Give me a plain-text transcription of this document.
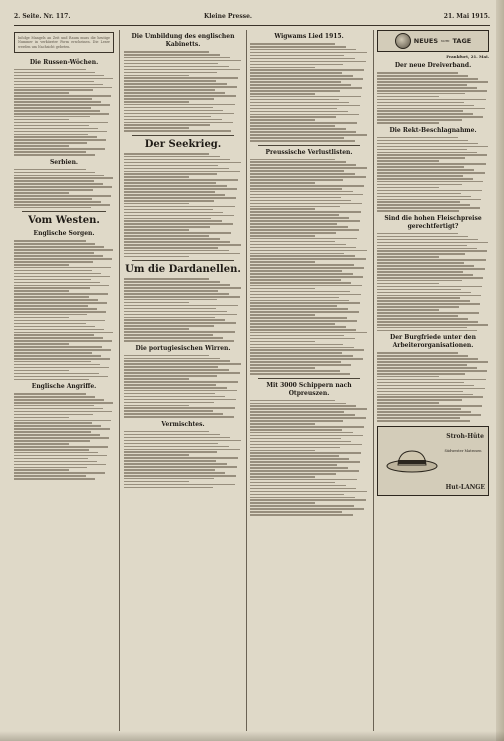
2. Seite. Nr. 117.	Kleine Presse.	21. Mai 1915.
Infolge Mangels an Zeit und Raum muss die heutige Nummer in verkürzter Form erscheinen. Die Leser werden um Nachsicht gebeten.
Die Russen-Wöchen.
Serbien.
Vom Westen.
Englische Sorgen.
Englische Angriffe.
Die Umbildung des englischen Kabinetts.
Der Seekrieg.
Um die Dardanellen.
Die portugiesischen Wirren.
Vermischtes.
Wigwams Lied 1915.
Preussische Verlustlisten.
Mit 3000 Schippern nach Otpreuszen.
NEUES vom TAGE
Frankfurt, 21. Mai.
Der neue Dreiverband.
Die Rekt-Beschlagnahme.
Sind die hohen Fleischpreise gerechtfertigt?
Der Burgfriede unter den Arbeiterorganisationen.
Stroh-Hüte
Südwester Matrosen
Hut-LANGE
